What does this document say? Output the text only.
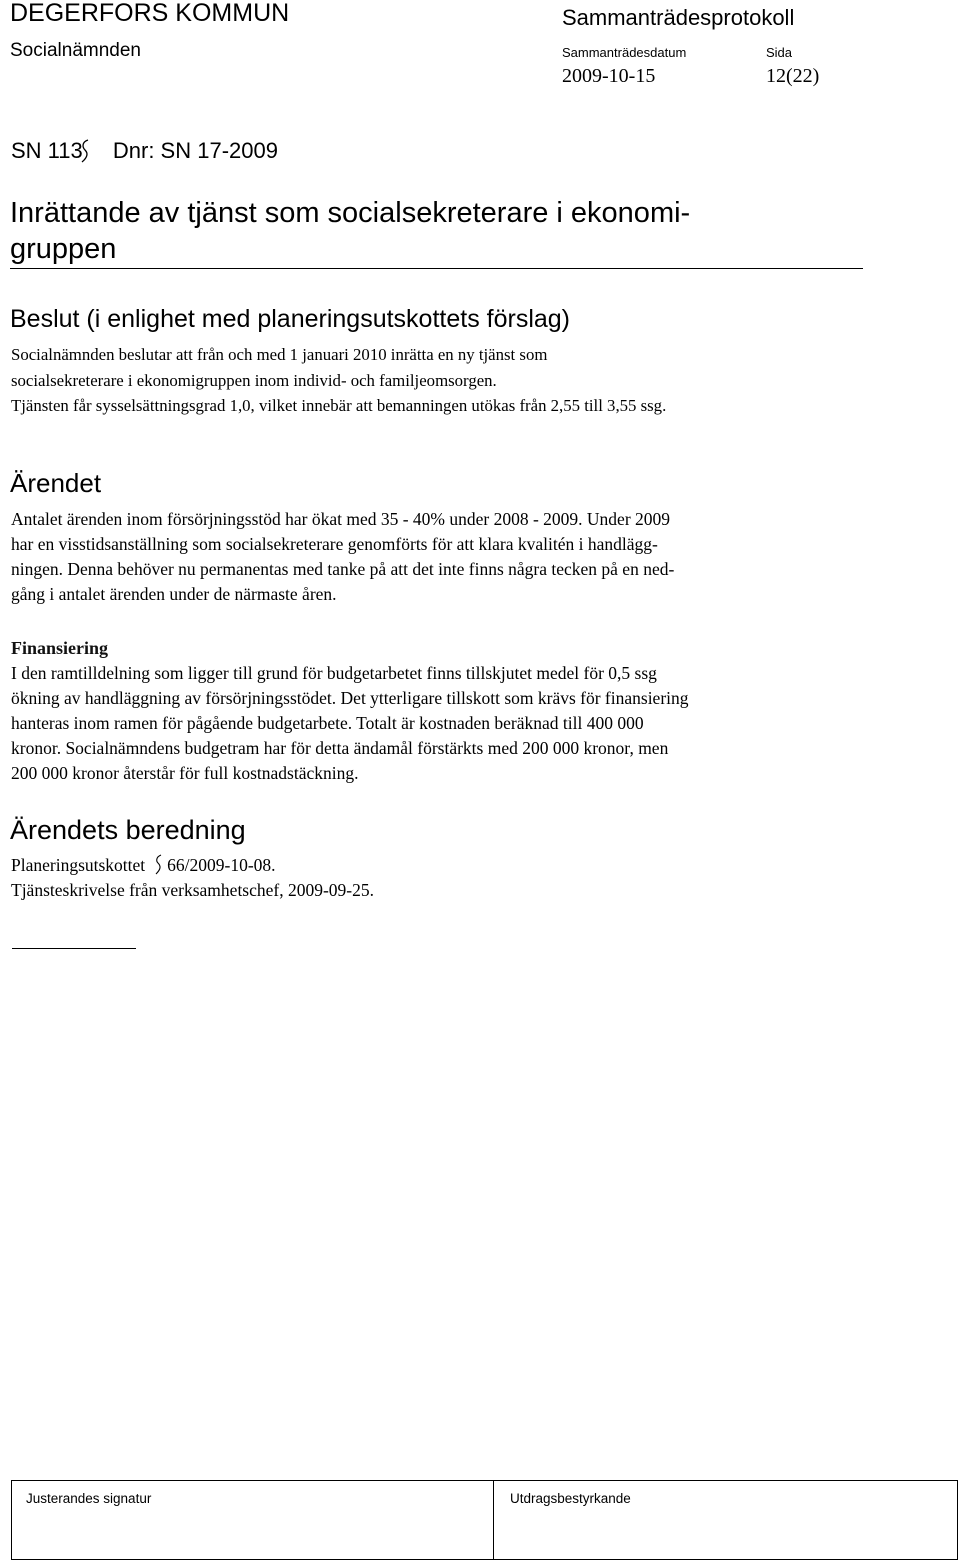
DEGERFORS KOMMUN
Socialnämnden
Sammanträdesprotokoll
Sammanträdesdatum	Sida
2009-10-15	12(22)
SN 113 Dnr: SN 17-2009
Inrättande av tjänst som socialsekreterare i ekonomi-
gruppen
Beslut (i enlighet med planeringsutskottets förslag)
Socialnämnden beslutar att från och med 1 januari 2010 inrätta en ny tjänst som
socialsekreterare i ekonomigruppen inom individ- och familjeomsorgen.
Tjänsten får sysselsättningsgrad 1,0, vilket innebär att bemanningen utökas från 2,55 till 3,55 ssg.
Ärendet
Antalet ärenden inom försörjningsstöd har ökat med 35 - 40% under 2008 - 2009. Under 2009
har en visstidsanställning som socialsekreterare genomförts för att klara kvalitén i handlägg-
ningen. Denna behöver nu permanentas med tanke på att det inte finns några tecken på en ned-
gång i antalet ärenden under de närmaste åren.
Finansiering
I den ramtilldelning som ligger till grund för budgetarbetet finns tillskjutet medel för 0,5 ssg
ökning av handläggning av försörjningsstödet. Det ytterligare tillskott som krävs för finansiering
hanteras inom ramen för pågående budgetarbete. Totalt är kostnaden beräknad till 400 000
kronor. Socialnämndens budgetram har för detta ändamål förstärkts med 200 000 kronor, men
200 000 kronor återstår för full kostnadstäckning.
Ärendets beredning
Planeringsutskottet 66/2009-10-08.
Tjänsteskrivelse från verksamhetschef, 2009-09-25.
Justerandes signatur	Utdragsbestyrkande
